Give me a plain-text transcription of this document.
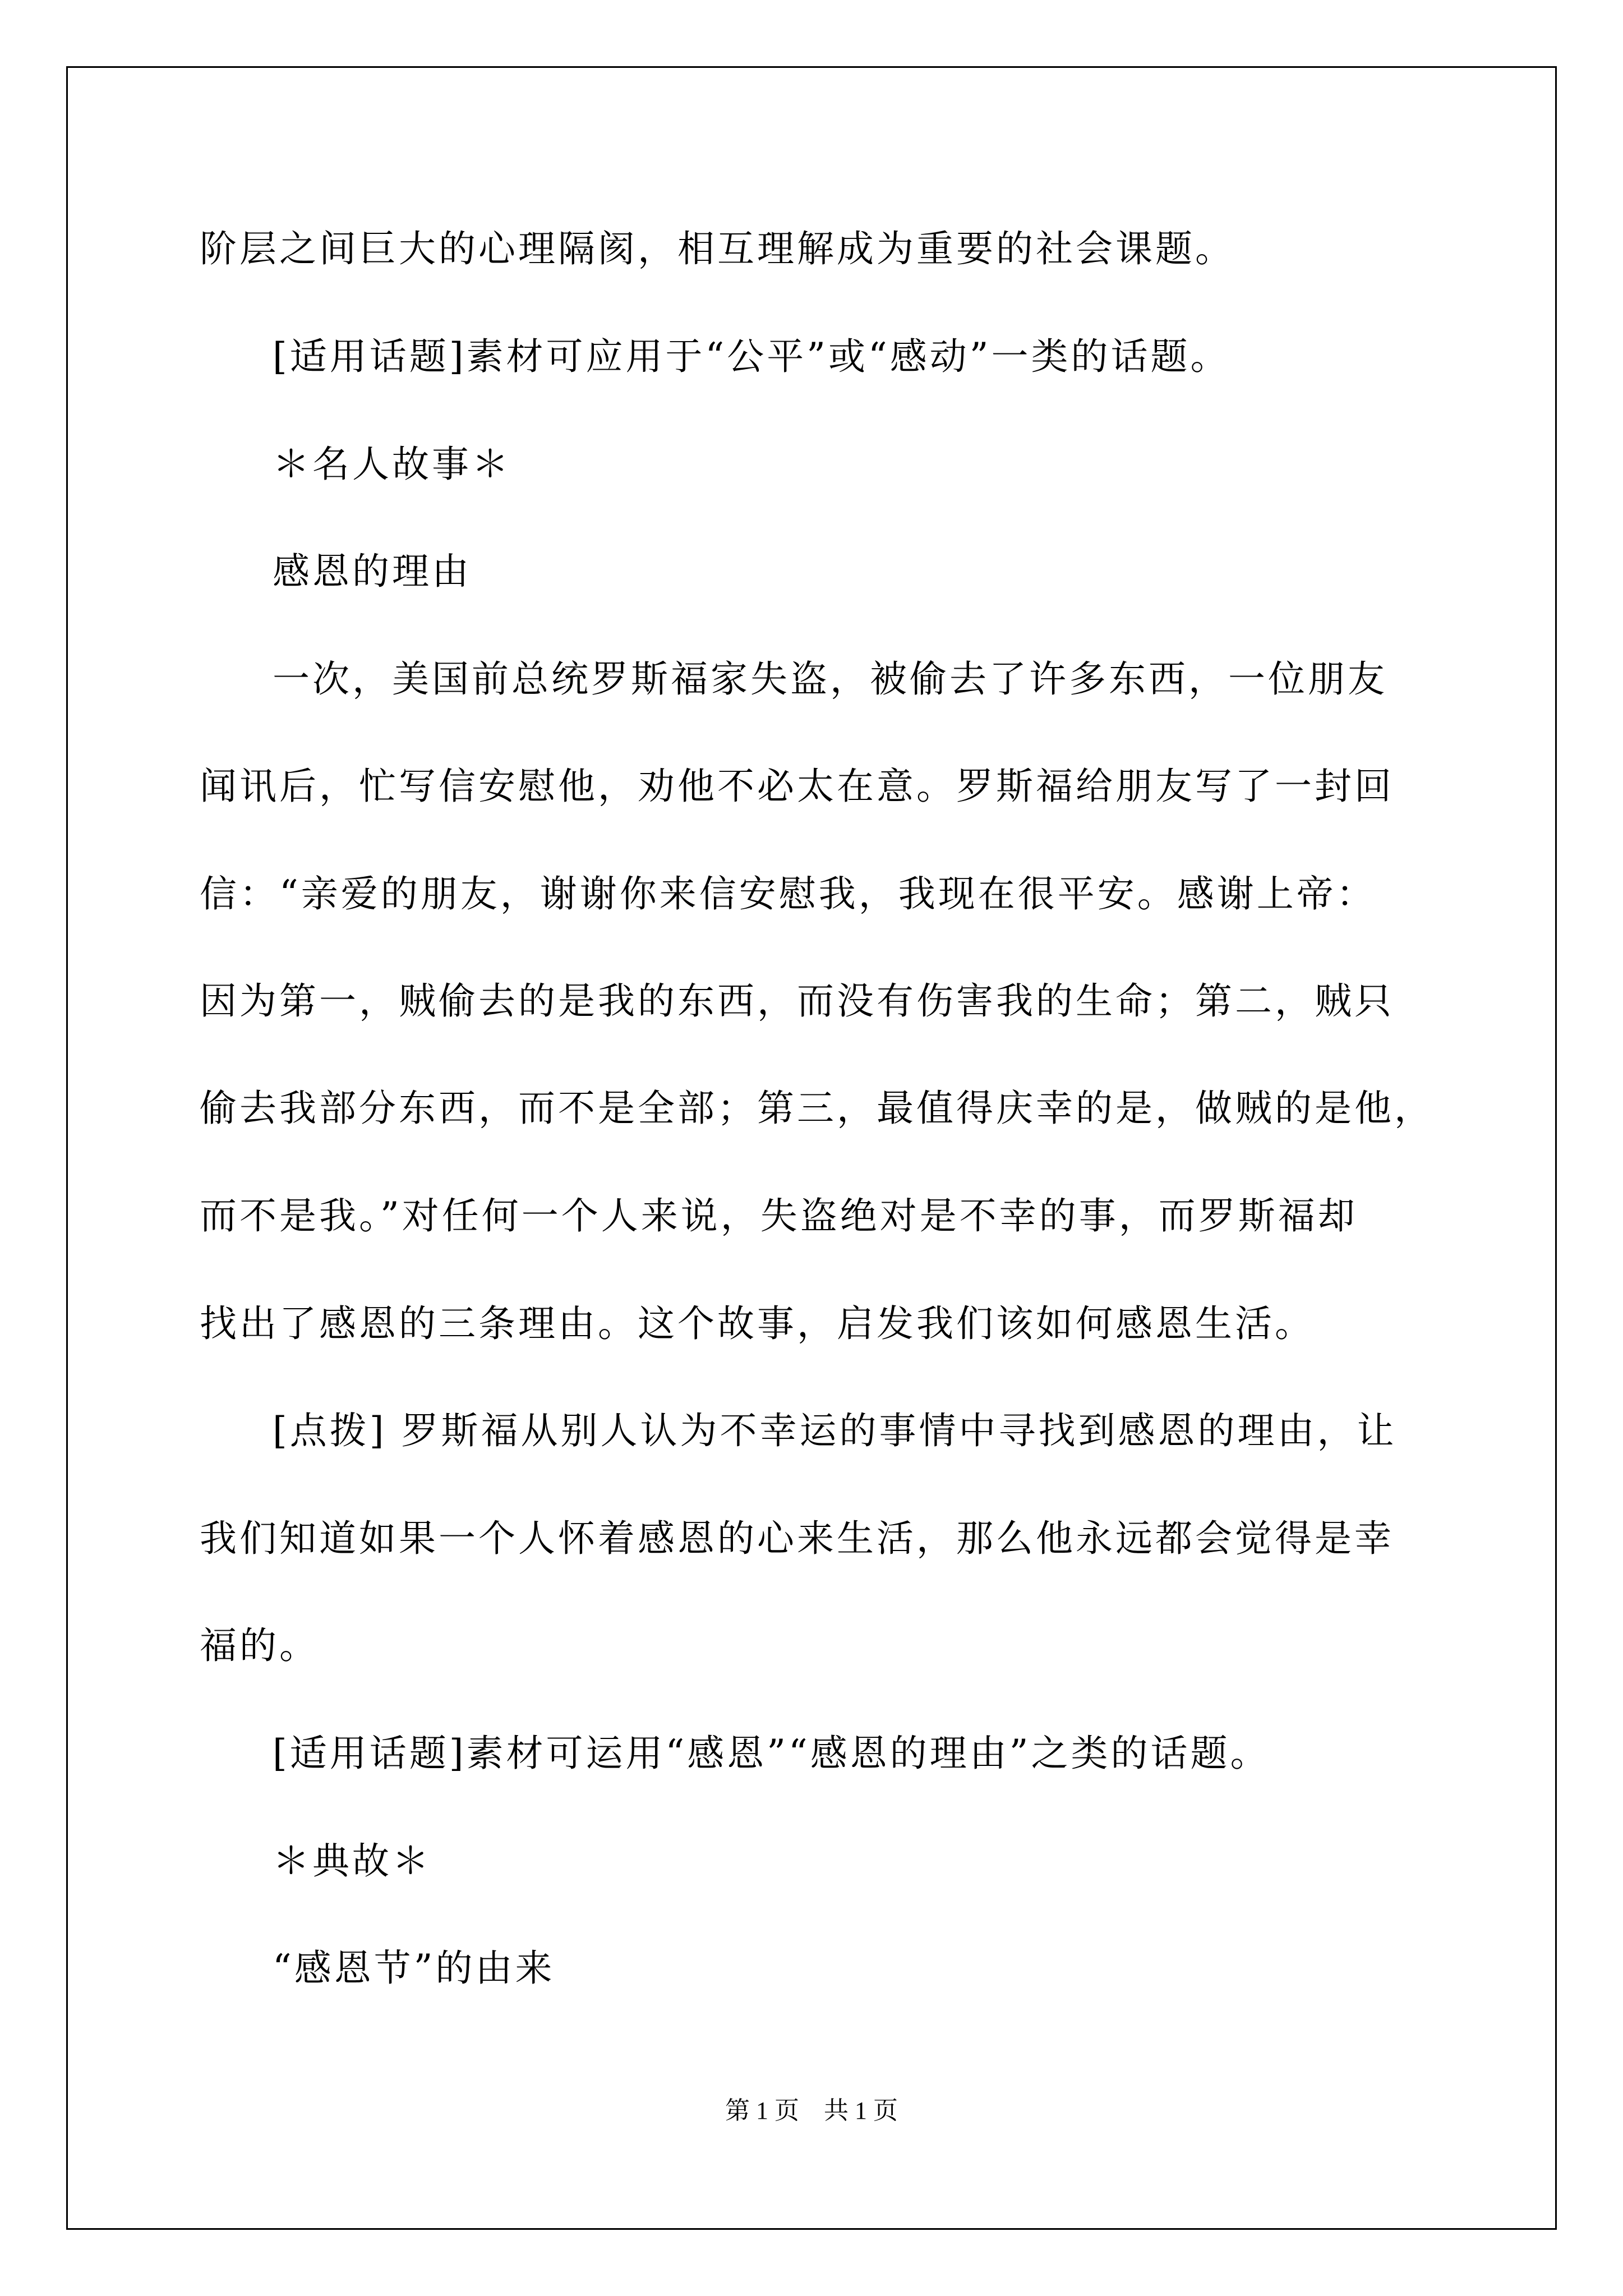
阶层之间巨大的心理隔阂，相互理解成为重要的社会课题。
[适用话题]素材可应用于“公平”或“感动”一类的话题。
＊名人故事＊
感恩的理由
一次，美国前总统罗斯福家失盗，被偷去了许多东西，一位朋友
闻讯后，忙写信安慰他，劝他不必太在意。罗斯福给朋友写了一封回
信：“亲爱的朋友，谢谢你来信安慰我，我现在很平安。感谢上帝：
因为第一，贼偷去的是我的东西，而没有伤害我的生命；第二，贼只
偷去我部分东西，而不是全部；第三，最值得庆幸的是，做贼的是他，
而不是我。”对任何一个人来说，失盗绝对是不幸的事，而罗斯福却
找出了感恩的三条理由。这个故事，启发我们该如何感恩生活。
[点拨] 罗斯福从别人认为不幸运的事情中寻找到感恩的理由，让
我们知道如果一个人怀着感恩的心来生活，那么他永远都会觉得是幸
福的。
[适用话题]素材可运用“感恩”“感恩的理由”之类的话题。
＊典故＊
“感恩节”的由来
第 1 页　共 1 页
